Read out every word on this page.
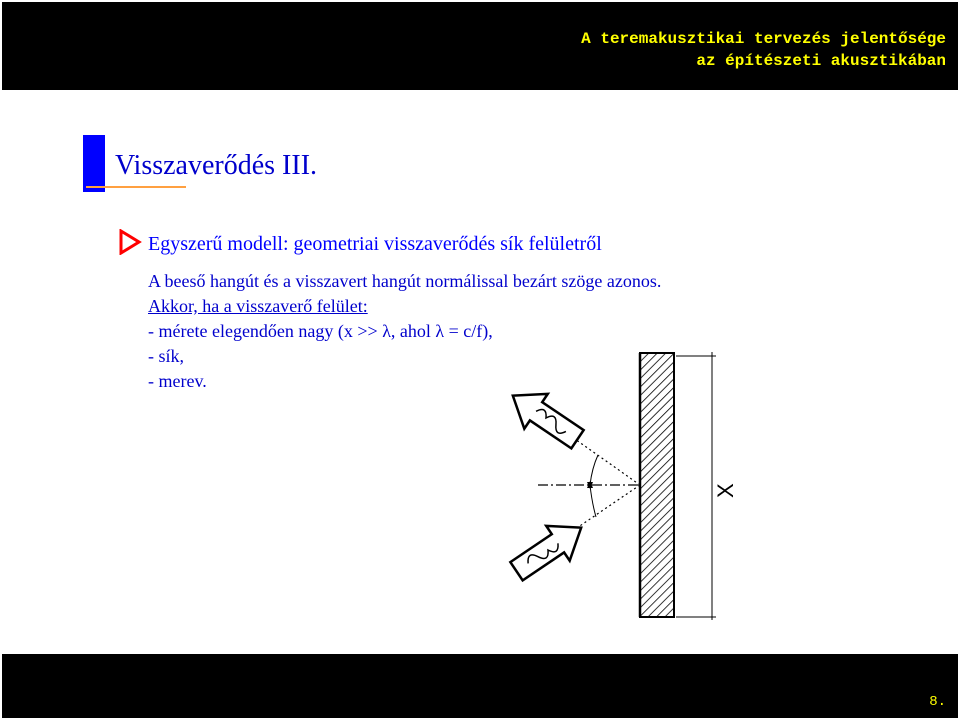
A teremakusztikai tervezés jelentősége
az építészeti akusztikában
Visszaverődés III.
Egyszerű modell: geometriai visszaverődés sík felületről
A beeső hangút és a visszavert hangút normálissal bezárt szöge azonos.
Akkor, ha a visszaverő felület:
- mérete elegendően nagy (x >> λ, ahol λ = c/f),
- sík,
- merev.
X
8.
